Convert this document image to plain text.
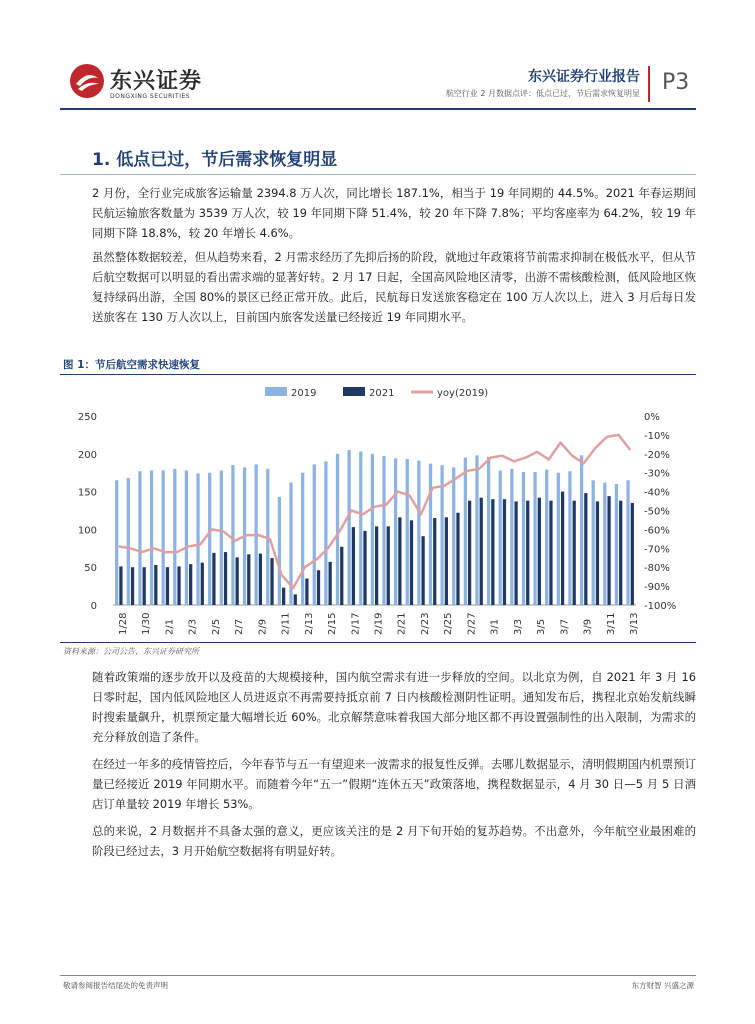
东兴证券
DONGXING SECURITIES
东兴证券行业报告
航空行业 2 月数据点评：低点已过，节后需求恢复明显 P3
1. 低点已过，节后需求恢复明显
2 月份，全行业完成旅客运输量 2394.8 万人次，同比增长 187.1%，相当于 19 年同期的 44.5%。2021 年春运期间民航运输旅客数量为 3539 万人次，较 19 年同期下降 51.4%，较 20 年下降 7.8%；平均客座率为 64.2%，较 19 年同期下降 18.8%，较 20 年增长 4.6%。
虽然整体数据较差，但从趋势来看，2 月需求经历了先抑后扬的阶段，就地过年政策将节前需求抑制在极低水平，但从节后航空数据可以明显的看出需求端的显著好转。2 月 17 日起，全国高风险地区清零，出游不需核酸检测，低风险地区恢复持绿码出游，全国 80%的景区已经正常开放。此后，民航每日发送旅客稳定在 100 万人次以上，进入 3 月后每日发送旅客在 130 万人次以上，目前国内旅客发送量已经接近 19 年同期水平。
图 1：节后航空需求快速恢复
2019	2021	yoy(2019)
0
50
100
150
200
250	0%
-10%
-20%
-30%
-40%
-50%
-60%
-70%
-80%
-90%
-100%
1/28 1/30 2/1 2/3 2/5 2/7 2/9 2/11 2/13 2/15 2/17 2/19 2/21 2/23 2/25 2/27 3/1 3/3 3/5 3/7 3/9 3/11 3/13
资料来源：公司公告，东兴证券研究所
随着政策端的逐步放开以及疫苗的大规模接种，国内航空需求有进一步释放的空间。以北京为例，自 2021 年 3 月 16 日零时起，国内低风险地区人员进返京不再需要持抵京前 7 日内核酸检测阴性证明。通知发布后，携程北京始发航线瞬时搜索量飙升，机票预定量大幅增长近 60%。北京解禁意味着我国大部分地区都不再设置强制性的出入限制，为需求的充分释放创造了条件。
在经过一年多的疫情管控后，今年春节与五一有望迎来一波需求的报复性反弹。去哪儿数据显示，清明假期国内机票预订量已经接近 2019 年同期水平。而随着今年“五一”假期“连休五天”政策落地，携程数据显示，4 月 30 日—5 月 5 日酒店订单量较 2019 年增长 53%。
总的来说，2 月数据并不具备太强的意义，更应该关注的是 2 月下旬开始的复苏趋势。不出意外，今年航空业最困难的阶段已经过去，3 月开始航空数据将有明显好转。
敬请参阅报告结尾处的免责声明	东方财智 兴盛之源
